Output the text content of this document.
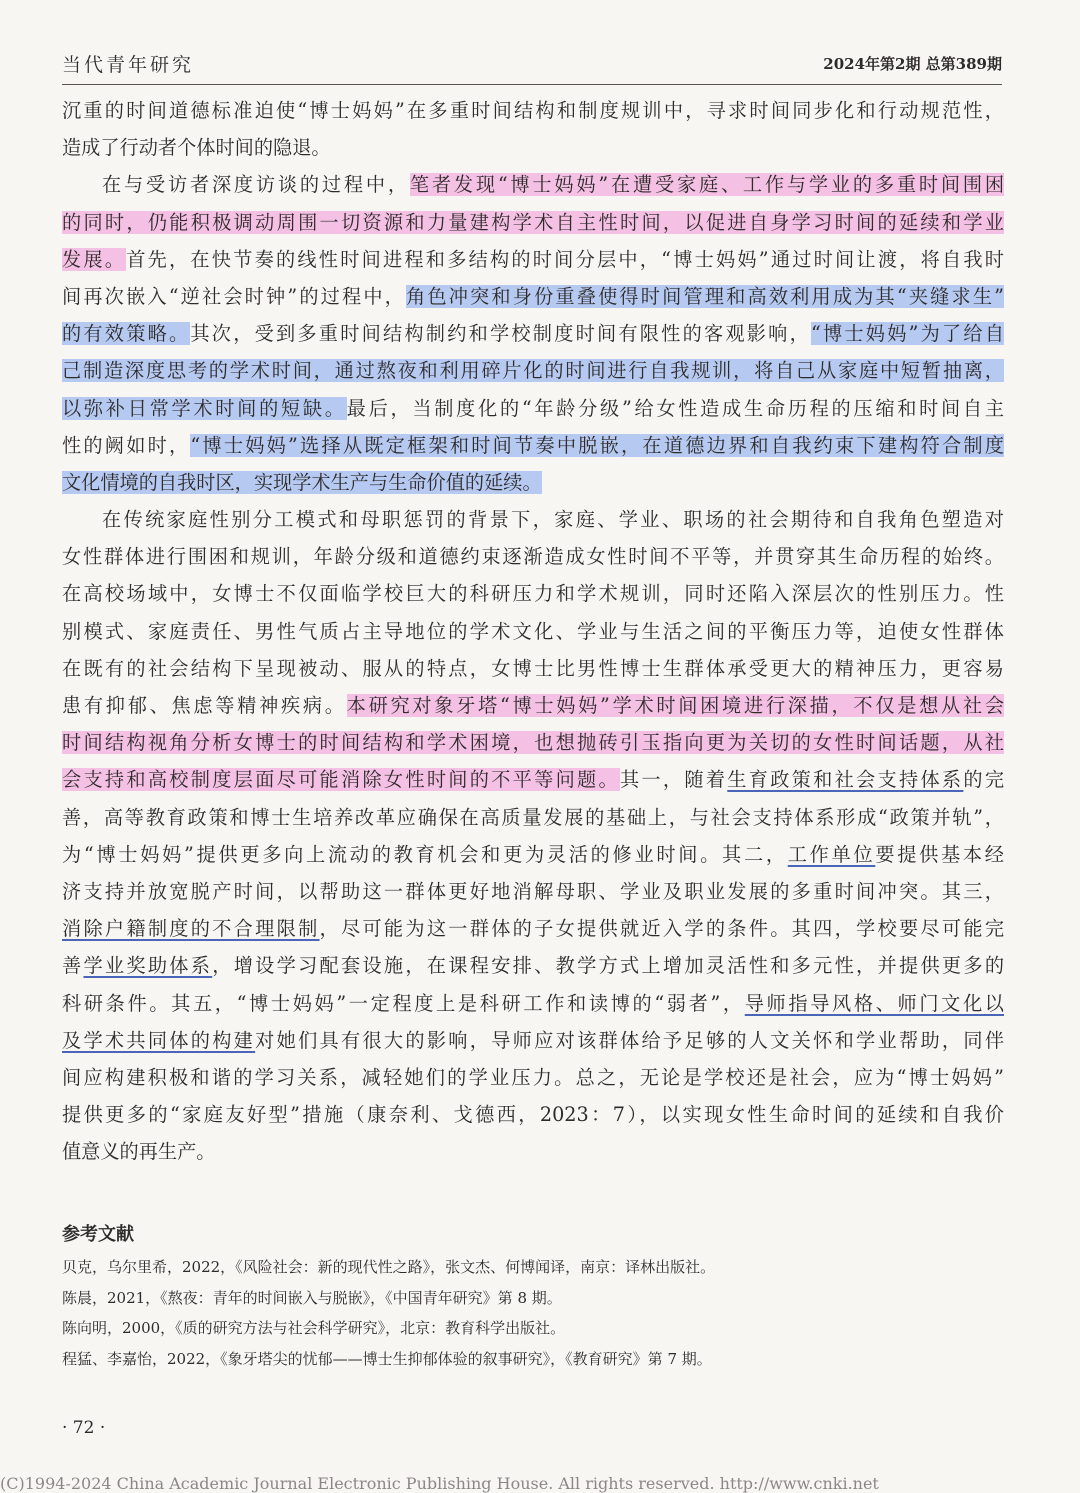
当代青年研究	2024年第2期 总第389期
沉重的时间道德标准迫使“博士妈妈”在多重时间结构和制度规训中，寻求时间同步化和行动规范性，
造成了行动者个体时间的隐退。
在与受访者深度访谈的过程中，笔者发现“博士妈妈”在遭受家庭、工作与学业的多重时间围困
的同时，仍能积极调动周围一切资源和力量建构学术自主性时间，以促进自身学习时间的延续和学业
发展。首先，在快节奏的线性时间进程和多结构的时间分层中，“博士妈妈”通过时间让渡，将自我时
间再次嵌入“逆社会时钟”的过程中，角色冲突和身份重叠使得时间管理和高效利用成为其“夹缝求生”
的有效策略。其次，受到多重时间结构制约和学校制度时间有限性的客观影响，“博士妈妈”为了给自
己制造深度思考的学术时间，通过熬夜和利用碎片化的时间进行自我规训，将自己从家庭中短暂抽离，
以弥补日常学术时间的短缺。最后，当制度化的“年龄分级”给女性造成生命历程的压缩和时间自主
性的阙如时，“博士妈妈”选择从既定框架和时间节奏中脱嵌，在道德边界和自我约束下建构符合制度
文化情境的自我时区，实现学术生产与生命价值的延续。
在传统家庭性别分工模式和母职惩罚的背景下，家庭、学业、职场的社会期待和自我角色塑造对
女性群体进行围困和规训，年龄分级和道德约束逐渐造成女性时间不平等，并贯穿其生命历程的始终。
在高校场域中，女博士不仅面临学校巨大的科研压力和学术规训，同时还陷入深层次的性别压力。性
别模式、家庭责任、男性气质占主导地位的学术文化、学业与生活之间的平衡压力等，迫使女性群体
在既有的社会结构下呈现被动、服从的特点，女博士比男性博士生群体承受更大的精神压力，更容易
患有抑郁、焦虑等精神疾病。本研究对象牙塔“博士妈妈”学术时间困境进行深描，不仅是想从社会
时间结构视角分析女博士的时间结构和学术困境，也想抛砖引玉指向更为关切的女性时间话题，从社
会支持和高校制度层面尽可能消除女性时间的不平等问题。其一，随着生育政策和社会支持体系的完
善，高等教育政策和博士生培养改革应确保在高质量发展的基础上，与社会支持体系形成“政策并轨”，
为“博士妈妈”提供更多向上流动的教育机会和更为灵活的修业时间。其二，工作单位要提供基本经
济支持并放宽脱产时间，以帮助这一群体更好地消解母职、学业及职业发展的多重时间冲突。其三，
消除户籍制度的不合理限制，尽可能为这一群体的子女提供就近入学的条件。其四，学校要尽可能完
善学业奖助体系，增设学习配套设施，在课程安排、教学方式上增加灵活性和多元性，并提供更多的
科研条件。其五，“博士妈妈”一定程度上是科研工作和读博的“弱者”，导师指导风格、师门文化以
及学术共同体的构建对她们具有很大的影响，导师应对该群体给予足够的人文关怀和学业帮助，同伴
间应构建积极和谐的学习关系，减轻她们的学业压力。总之，无论是学校还是社会，应为“博士妈妈”
提供更多的“家庭友好型”措施（康奈利、戈德西，2023：7），以实现女性生命时间的延续和自我价
值意义的再生产。
参考文献
贝克，乌尔里希，2022，《风险社会：新的现代性之路》，张文杰、何博闻译，南京：译林出版社。
陈晨，2021，《熬夜：青年的时间嵌入与脱嵌》，《中国青年研究》第 8 期。
陈向明，2000，《质的研究方法与社会科学研究》，北京：教育科学出版社。
程猛、李嘉怡，2022，《象牙塔尖的忧郁——博士生抑郁体验的叙事研究》，《教育研究》第 7 期。
· 72 ·
(C)1994-2024 China Academic Journal Electronic Publishing House. All rights reserved. http://www.cnki.net
